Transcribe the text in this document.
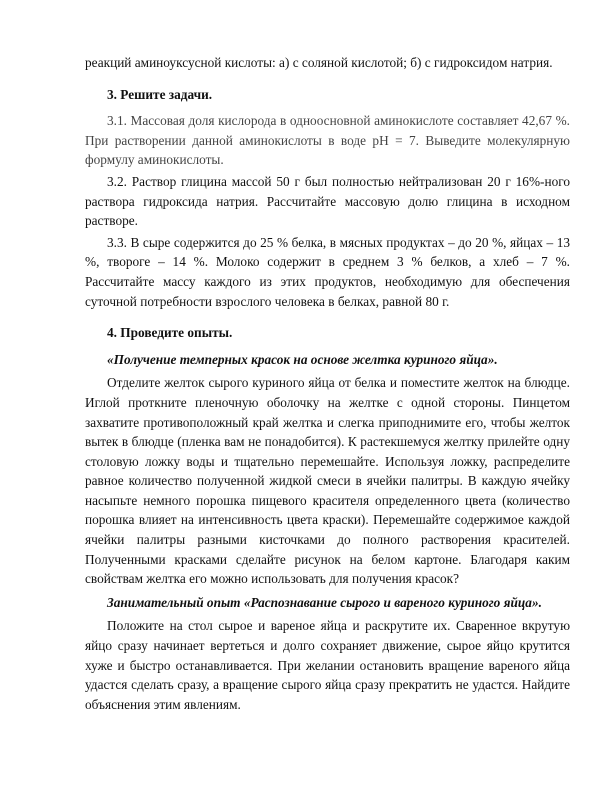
реакций аминоуксусной кислоты: а) с соляной кислотой; б) с гидроксидом натрия.

3. Решите задачи.

3.1. Массовая доля кислорода в одноосновной аминокислоте составляет 42,67 %. При растворении данной аминокислоты в воде pH = 7. Выведите молекулярную формулу аминокислоты.

3.2. Раствор глицина массой 50 г был полностью нейтрализован 20 г 16%-ного раствора гидроксида натрия. Рассчитайте массовую долю глицина в исходном растворе.

3.3. В сыре содержится до 25 % белка, в мясных продуктах – до 20 %, яйцах – 13 %, твороге – 14 %. Молоко содержит в среднем 3 % белков, а хлеб – 7 %. Рассчитайте массу каждого из этих продуктов, необходимую для обеспечения суточной потребности взрослого человека в белках, равной 80 г.

4. Проведите опыты.

«Получение темперных красок на основе желтка куриного яйца».

Отделите желток сырого куриного яйца от белка и поместите желток на блюдце. Иглой проткните пленочную оболочку на желтке с одной стороны. Пинцетом захватите противоположный край желтка и слегка приподнимите его, чтобы желток вытек в блюдце (пленка вам не понадобится). К растекшемуся желтку прилейте одну столовую ложку воды и тщательно перемешайте. Используя ложку, распределите равное количество полученной жидкой смеси в ячейки палитры. В каждую ячейку насыпьте немного порошка пищевого красителя определенного цвета (количество порошка влияет на интенсивность цвета краски). Перемешайте содержимое каждой ячейки палитры разными кисточками до полного растворения красителей. Полученными красками сделайте рисунок на белом картоне. Благодаря каким свойствам желтка его можно использовать для получения красок?

Занимательный опыт «Распознавание сырого и вареного куриного яйца».

Положите на стол сырое и вареное яйца и раскрутите их. Сваренное вкрутую яйцо сразу начинает вертеться и долго сохраняет движение, сырое яйцо крутится хуже и быстро останавливается. При желании остановить вращение вареного яйца удастся сделать сразу, а вращение сырого яйца сразу прекратить не удастся. Найдите объяснения этим явлениям.
